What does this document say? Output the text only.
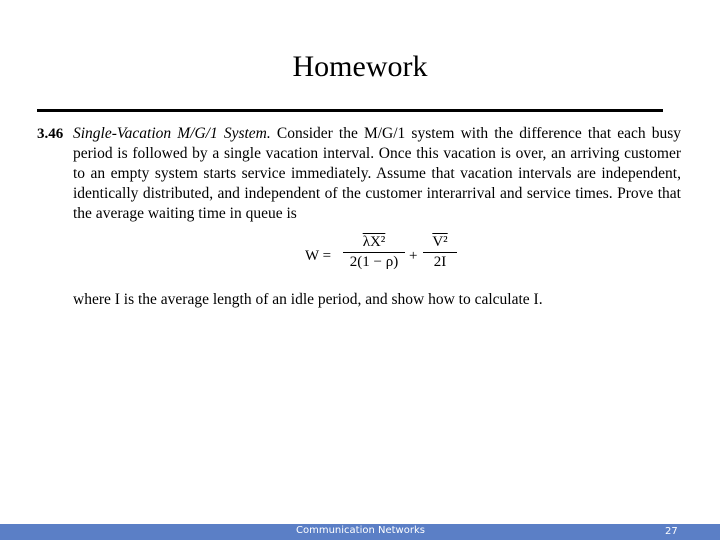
Homework
3.46 Single-Vacation M/G/1 System. Consider the M/G/1 system with the difference that each busy period is followed by a single vacation interval. Once this vacation is over, an arriving customer to an empty system starts service immediately. Assume that vacation intervals are independent, identically distributed, and independent of the customer interarrival and service times. Prove that the average waiting time in queue is

W =
λX²
2(1 − ρ) +
V²
2I

where I is the average length of an idle period, and show how to calculate I.

Communication Networks	27
